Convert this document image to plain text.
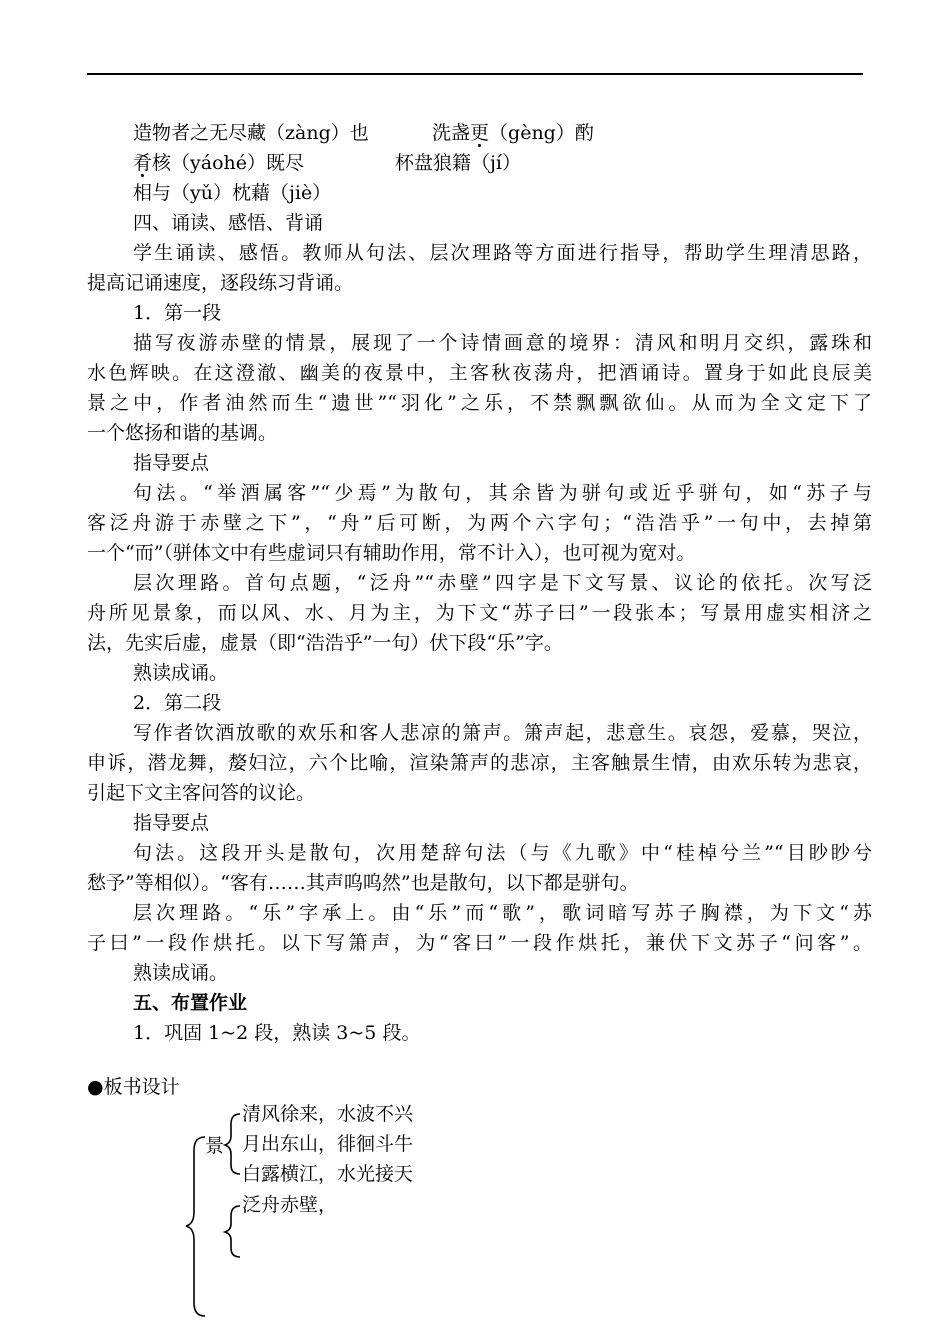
造物者之无尽藏（zàng）也	洗盏更（gèng）酌
肴核（yáohé）既尽	杯盘狼籍（jí）
相与（yǔ）枕藉（jiè）
四、诵读、感悟、背诵
学生诵读、感悟。教师从句法、层次理路等方面进行指导，帮助学生理清思路，
提高记诵速度，逐段练习背诵。
1．第一段
描写夜游赤壁的情景，展现了一个诗情画意的境界：清风和明月交织，露珠和
水色辉映。在这澄澈、幽美的夜景中，主客秋夜荡舟，把酒诵诗。置身于如此良辰美
景之中，作者油然而生“遗世”“羽化”之乐，不禁飘飘欲仙。从而为全文定下了
一个悠扬和谐的基调。
指导要点
句法。“举酒属客”“少焉”为散句，其余皆为骈句或近乎骈句，如“苏子与
客泛舟游于赤壁之下”，“舟”后可断，为两个六字句；“浩浩乎”一句中，去掉第
一个“而”（骈体文中有些虚词只有辅助作用，常不计入），也可视为宽对。
层次理路。首句点题，“泛舟”“赤壁”四字是下文写景、议论的依托。次写泛
舟所见景象，而以风、水、月为主，为下文“苏子曰”一段张本；写景用虚实相济之
法，先实后虚，虚景（即“浩浩乎”一句）伏下段“乐”字。
熟读成诵。
2．第二段
写作者饮酒放歌的欢乐和客人悲凉的箫声。箫声起，悲意生。哀怨，爱慕，哭泣，
申诉，潜龙舞，嫠妇泣，六个比喻，渲染箫声的悲凉，主客触景生情，由欢乐转为悲哀，
引起下文主客问答的议论。
指导要点
句法。这段开头是散句，次用楚辞句法（与《九歌》中“桂棹兮兰”“目眇眇兮
愁予”等相似）。“客有……其声呜呜然”也是散句，以下都是骈句。
层次理路。“乐”字承上。由“乐”而“歌”，歌词暗写苏子胸襟，为下文“苏
子曰”一段作烘托。以下写箫声，为“客曰”一段作烘托，兼伏下文苏子“问客”。
熟读成诵。
五、布置作业
1．巩固 1~2 段，熟读 3~5 段。
●板书设计
景
清风徐来，水波不兴
月出东山，徘徊斗牛
白露横江，水光接天
泛舟赤壁，
